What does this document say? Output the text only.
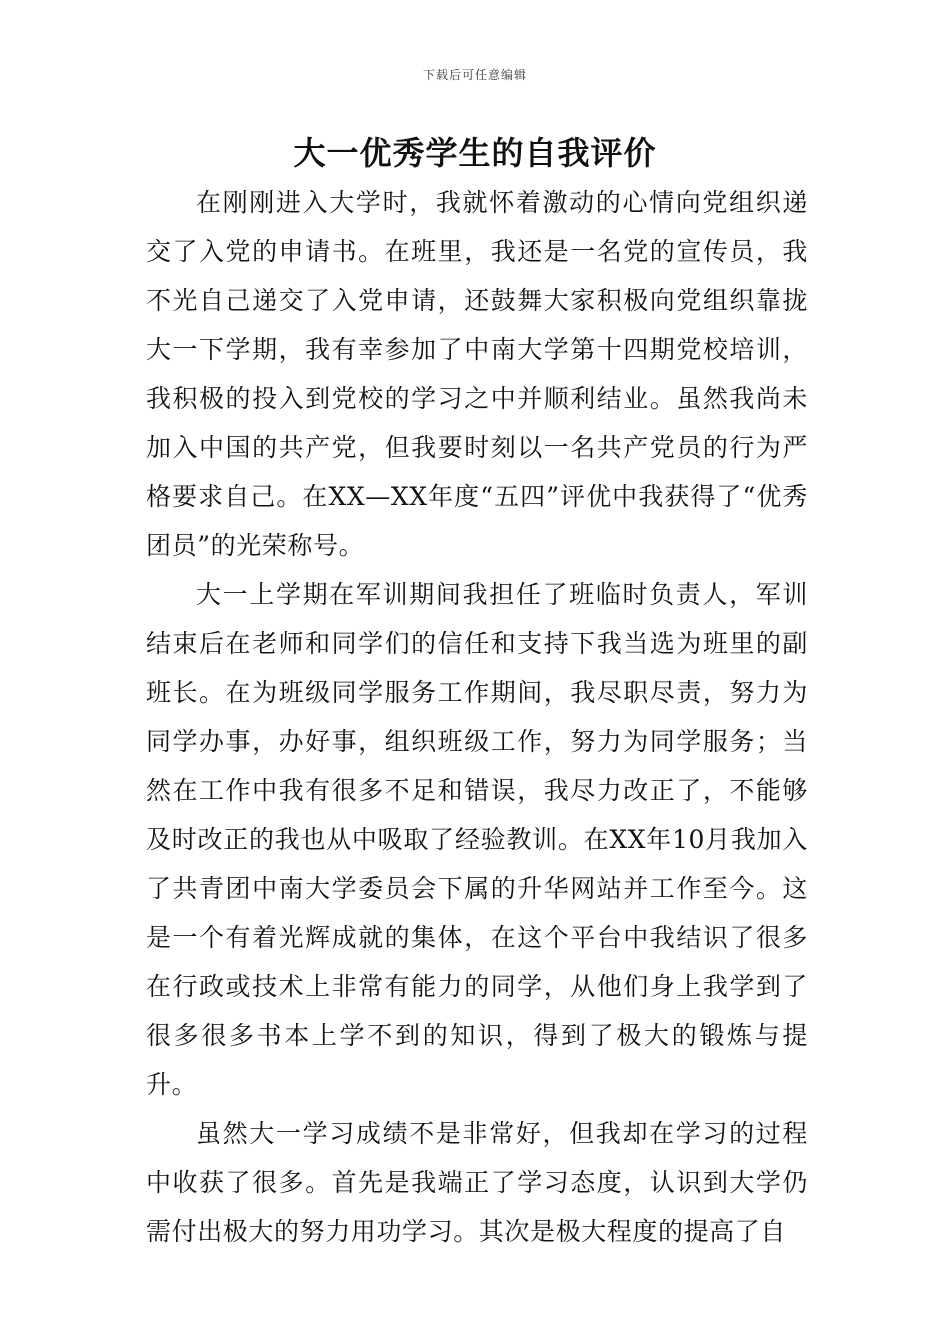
下载后可任意编辑
大一优秀学生的自我评价

在刚刚进入大学时，我就怀着激动的心情向党组织递交了入党的申请书。在班里，我还是一名党的宣传员，我不光自己递交了入党申请，还鼓舞大家积极向党组织靠拢大一下学期，我有幸参加了中南大学第十四期党校培训，我积极的投入到党校的学习之中并顺利结业。虽然我尚未加入中国的共产党，但我要时刻以一名共产党员的行为严格要求自己。在XX—XX年度“五四”评优中我获得了“优秀团员”的光荣称号。

大一上学期在军训期间我担任了班临时负责人，军训结束后在老师和同学们的信任和支持下我当选为班里的副班长。在为班级同学服务工作期间，我尽职尽责，努力为同学办事，办好事，组织班级工作，努力为同学服务；当然在工作中我有很多不足和错误，我尽力改正了，不能够及时改正的我也从中吸取了经验教训。在XX年10月我加入了共青团中南大学委员会下属的升华网站并工作至今。这是一个有着光辉成就的集体，在这个平台中我结识了很多在行政或技术上非常有能力的同学，从他们身上我学到了很多很多书本上学不到的知识，得到了极大的锻炼与提升。

虽然大一学习成绩不是非常好，但我却在学习的过程中收获了很多。首先是我端正了学习态度，认识到大学仍需付出极大的努力用功学习。其次是极大程度的提高了自
